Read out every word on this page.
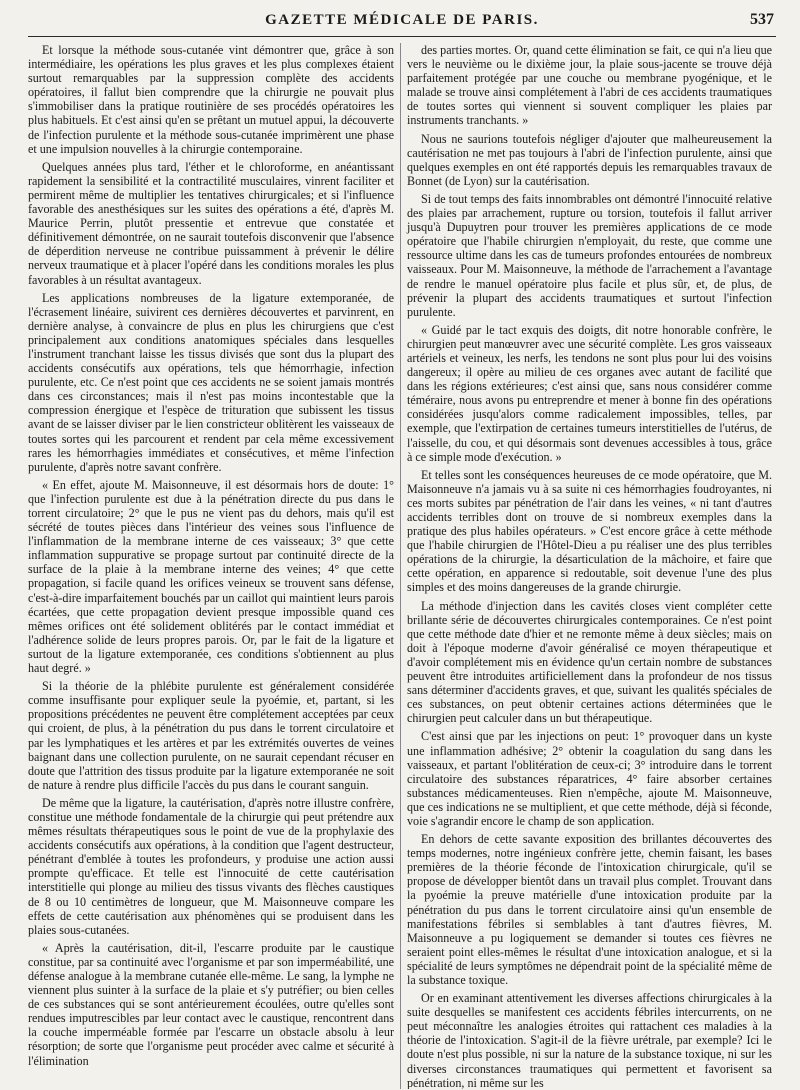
GAZETTE MÉDICALE DE PARIS.	537

Et lorsque la méthode sous-cutanée vint démontrer que, grâce à son intermédiaire, les opérations les plus graves et les plus complexes étaient surtout remarquables par la suppression complète des accidents opératoires, il fallut bien comprendre que la chirurgie ne pouvait plus s'immobiliser dans la pratique routinière de ses procédés opératoires les plus habituels. Et c'est ainsi qu'en se prêtant un mutuel appui, la découverte de l'infection purulente et la méthode sous-cutanée imprimèrent une phase et une impulsion nouvelles à la chirurgie contemporaine.

Quelques années plus tard, l'éther et le chloroforme, en anéantissant rapidement la sensibilité et la contractilité musculaires, vinrent faciliter et permirent même de multiplier les tentatives chirurgicales; et si l'influence favorable des anesthésiques sur les suites des opérations a été, d'après M. Maurice Perrin, plutôt pressentie et entrevue que constatée et définitivement démontrée, on ne saurait toutefois disconvenir que l'absence de déperdition nerveuse ne contribue puissamment à prévenir le délire nerveux traumatique et à placer l'opéré dans les conditions morales les plus favorables à un résultat avantageux.

Les applications nombreuses de la ligature extemporanée, de l'écrasement linéaire, suivirent ces dernières découvertes et parvinrent, en dernière analyse, à convaincre de plus en plus les chirurgiens que c'est principalement aux conditions anatomiques spéciales dans lesquelles l'instrument tranchant laisse les tissus divisés que sont dus la plupart des accidents consécutifs aux opérations, tels que hémorrhagie, infection purulente, etc. Ce n'est point que ces accidents ne se soient jamais montrés dans ces circonstances; mais il n'est pas moins incontestable que la compression énergique et l'espèce de trituration que subissent les tissus avant de se laisser diviser par le lien constricteur oblitèrent les vaisseaux de toutes sortes qui les parcourent et rendent par cela même excessivement rares les hémorrhagies immédiates et consécutives, et même l'infection purulente, d'après notre savant confrère.

« En effet, ajoute M. Maisonneuve, il est désormais hors de doute: 1° que l'infection purulente est due à la pénétration directe du pus dans le torrent circulatoire; 2° que le pus ne vient pas du dehors, mais qu'il est sécrété de toutes pièces dans l'intérieur des veines sous l'influence de l'inflammation de la membrane interne de ces vaisseaux; 3° que cette inflammation suppurative se propage surtout par continuité directe de la surface de la plaie à la membrane interne des veines; 4° que cette propagation, si facile quand les orifices veineux se trouvent sans défense, c'est-à-dire imparfaitement bouchés par un caillot qui maintient leurs parois écartées, que cette propagation devient presque impossible quand ces mêmes orifices ont été solidement oblitérés par le contact immédiat et l'adhérence solide de leurs propres parois. Or, par le fait de la ligature et surtout de la ligature extemporanée, ces conditions s'obtiennent au plus haut degré. »

Si la théorie de la phlébite purulente est généralement considérée comme insuffisante pour expliquer seule la pyoémie, et, partant, si les propositions précédentes ne peuvent être complétement acceptées par ceux qui croient, de plus, à la pénétration du pus dans le torrent circulatoire et par les lymphatiques et les artères et par les extrémités ouvertes de veines baignant dans une collection purulente, on ne saurait cependant récuser en doute que l'attrition des tissus produite par la ligature extemporanée ne soit de nature à rendre plus difficile l'accès du pus dans le courant sanguin.

De même que la ligature, la cautérisation, d'après notre illustre confrère, constitue une méthode fondamentale de la chirurgie qui peut prétendre aux mêmes résultats thérapeutiques sous le point de vue de la prophylaxie des accidents consécutifs aux opérations, à la condition que l'agent destructeur, pénétrant d'emblée à toutes les profondeurs, y produise une action aussi prompte qu'efficace. Et telle est l'innocuité de cette cautérisation interstitielle qui plonge au milieu des tissus vivants des flèches caustiques de 8 ou 10 centimètres de longueur, que M. Maisonneuve compare les effets de cette cautérisation aux phénomènes qui se produisent dans les plaies sous-cutanées.

« Après la cautérisation, dit-il, l'escarre produite par le caustique constitue, par sa continuité avec l'organisme et par son imperméabilité, une défense analogue à la membrane cutanée elle-même. Le sang, la lymphe ne viennent plus suinter à la surface de la plaie et s'y putréfier; ou bien celles de ces substances qui se sont antérieurement écoulées, outre qu'elles sont rendues imputrescibles par leur contact avec le caustique, rencontrent dans la couche imperméable formée par l'escarre un obstacle absolu à leur résorption; de sorte que l'organisme peut procéder avec calme et sécurité à l'élimination

des parties mortes. Or, quand cette élimination se fait, ce qui n'a lieu que vers le neuvième ou le dixième jour, la plaie sous-jacente se trouve déjà parfaitement protégée par une couche ou membrane pyogénique, et le malade se trouve ainsi complétement à l'abri de ces accidents traumatiques de toutes sortes qui viennent si souvent compliquer les plaies par instruments tranchants. »

Nous ne saurions toutefois négliger d'ajouter que malheureusement la cautérisation ne met pas toujours à l'abri de l'infection purulente, ainsi que quelques exemples en ont été rapportés depuis les remarquables travaux de Bonnet (de Lyon) sur la cautérisation.

Si de tout temps des faits innombrables ont démontré l'innocuité relative des plaies par arrachement, rupture ou torsion, toutefois il fallut arriver jusqu'à Dupuytren pour trouver les premières applications de ce mode opératoire que l'habile chirurgien n'employait, du reste, que comme une ressource ultime dans les cas de tumeurs profondes entourées de nombreux vaisseaux. Pour M. Maisonneuve, la méthode de l'arrachement a l'avantage de rendre le manuel opératoire plus facile et plus sûr, et, de plus, de prévenir la plupart des accidents traumatiques et surtout l'infection purulente.

« Guidé par le tact exquis des doigts, dit notre honorable confrère, le chirurgien peut manœuvrer avec une sécurité complète. Les gros vaisseaux artériels et veineux, les nerfs, les tendons ne sont plus pour lui des voisins dangereux; il opère au milieu de ces organes avec autant de facilité que dans les régions extérieures; c'est ainsi que, sans nous considérer comme téméraire, nous avons pu entreprendre et mener à bonne fin des opérations considérées jusqu'alors comme radicalement impossibles, telles, par exemple, que l'extirpation de certaines tumeurs interstitielles de l'utérus, de l'aisselle, du cou, et qui désormais sont devenues accessibles à tous, grâce à ce simple mode d'exécution. »

Et telles sont les conséquences heureuses de ce mode opératoire, que M. Maisonneuve n'a jamais vu à sa suite ni ces hémorrhagies foudroyantes, ni ces morts subites par pénétration de l'air dans les veines, « ni tant d'autres accidents terribles dont on trouve de si nombreux exemples dans la pratique des plus habiles opérateurs. » C'est encore grâce à cette méthode que l'habile chirurgien de l'Hôtel-Dieu a pu réaliser une des plus terribles opérations de la chirurgie, la désarticulation de la mâchoire, et faire que cette opération, en apparence si redoutable, soit devenue l'une des plus simples et des moins dangereuses de la grande chirurgie.

La méthode d'injection dans les cavités closes vient compléter cette brillante série de découvertes chirurgicales contemporaines. Ce n'est point que cette méthode date d'hier et ne remonte même à deux siècles; mais on doit à l'époque moderne d'avoir généralisé ce moyen thérapeutique et d'avoir complétement mis en évidence qu'un certain nombre de substances peuvent être introduites artificiellement dans la profondeur de nos tissus sans déterminer d'accidents graves, et que, suivant les qualités spéciales de ces substances, on peut obtenir certaines actions déterminées que le chirurgien peut calculer dans un but thérapeutique.

C'est ainsi que par les injections on peut: 1° provoquer dans un kyste une inflammation adhésive; 2° obtenir la coagulation du sang dans les vaisseaux, et partant l'oblitération de ceux-ci; 3° introduire dans le torrent circulatoire des substances réparatrices, 4° faire absorber certaines substances médicamenteuses. Rien n'empêche, ajoute M. Maisonneuve, que ces indications ne se multiplient, et que cette méthode, déjà si féconde, voie s'agrandir encore le champ de son application.

En dehors de cette savante exposition des brillantes découvertes des temps modernes, notre ingénieux confrère jette, chemin faisant, les bases premières de la théorie féconde de l'intoxication chirurgicale, qu'il se propose de développer bientôt dans un travail plus complet. Trouvant dans la pyoémie la preuve matérielle d'une intoxication produite par la pénétration du pus dans le torrent circulatoire ainsi qu'un ensemble de manifestations fébriles si semblables à tant d'autres fièvres, M. Maisonneuve a pu logiquement se demander si toutes ces fièvres ne seraient point elles-mêmes le résultat d'une intoxication analogue, et si la spécialité de leurs symptômes ne dépendrait point de la spécialité même de la substance toxique.

Or en examinant attentivement les diverses affections chirurgicales à la suite desquelles se manifestent ces accidents fébriles intercurrents, on ne peut méconnaître les analogies étroites qui rattachent ces maladies à la théorie de l'intoxication. S'agit-il de la fièvre urétrale, par exemple? Ici le doute n'est plus possible, ni sur la nature de la substance toxique, ni sur les diverses circonstances traumatiques qui permettent et favorisent sa pénétration, ni même sur les
